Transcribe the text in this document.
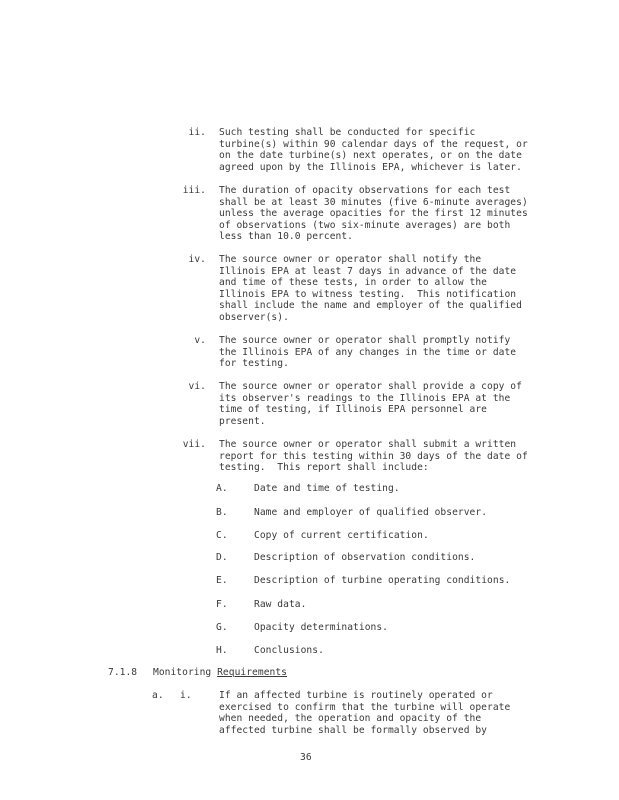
ii. Such testing shall be conducted for specific
turbine(s) within 90 calendar days of the request, or
on the date turbine(s) next operates, or on the date
agreed upon by the Illinois EPA, whichever is later.
iii. The duration of opacity observations for each test
shall be at least 30 minutes (five 6-minute averages)
unless the average opacities for the first 12 minutes
of observations (two six-minute averages) are both
less than 10.0 percent.
iv. The source owner or operator shall notify the
Illinois EPA at least 7 days in advance of the date
and time of these tests, in order to allow the
Illinois EPA to witness testing.  This notification
shall include the name and employer of the qualified
observer(s).
v. The source owner or operator shall promptly notify
the Illinois EPA of any changes in the time or date
for testing.
vi. The source owner or operator shall provide a copy of
its observer's readings to the Illinois EPA at the
time of testing, if Illinois EPA personnel are
present.
vii. The source owner or operator shall submit a written
report for this testing within 30 days of the date of
testing.  This report shall include:
A.	Date and time of testing.
B.	Name and employer of qualified observer.
C.	Copy of current certification.
D.	Description of observation conditions.
E.	Description of turbine operating conditions.
F.	Raw data.
G.	Opacity determinations.
H.	Conclusions.
7.1.8 Monitoring Requirements
a. i.	If an affected turbine is routinely operated or
exercised to confirm that the turbine will operate
when needed, the operation and opacity of the
affected turbine shall be formally observed by
36
